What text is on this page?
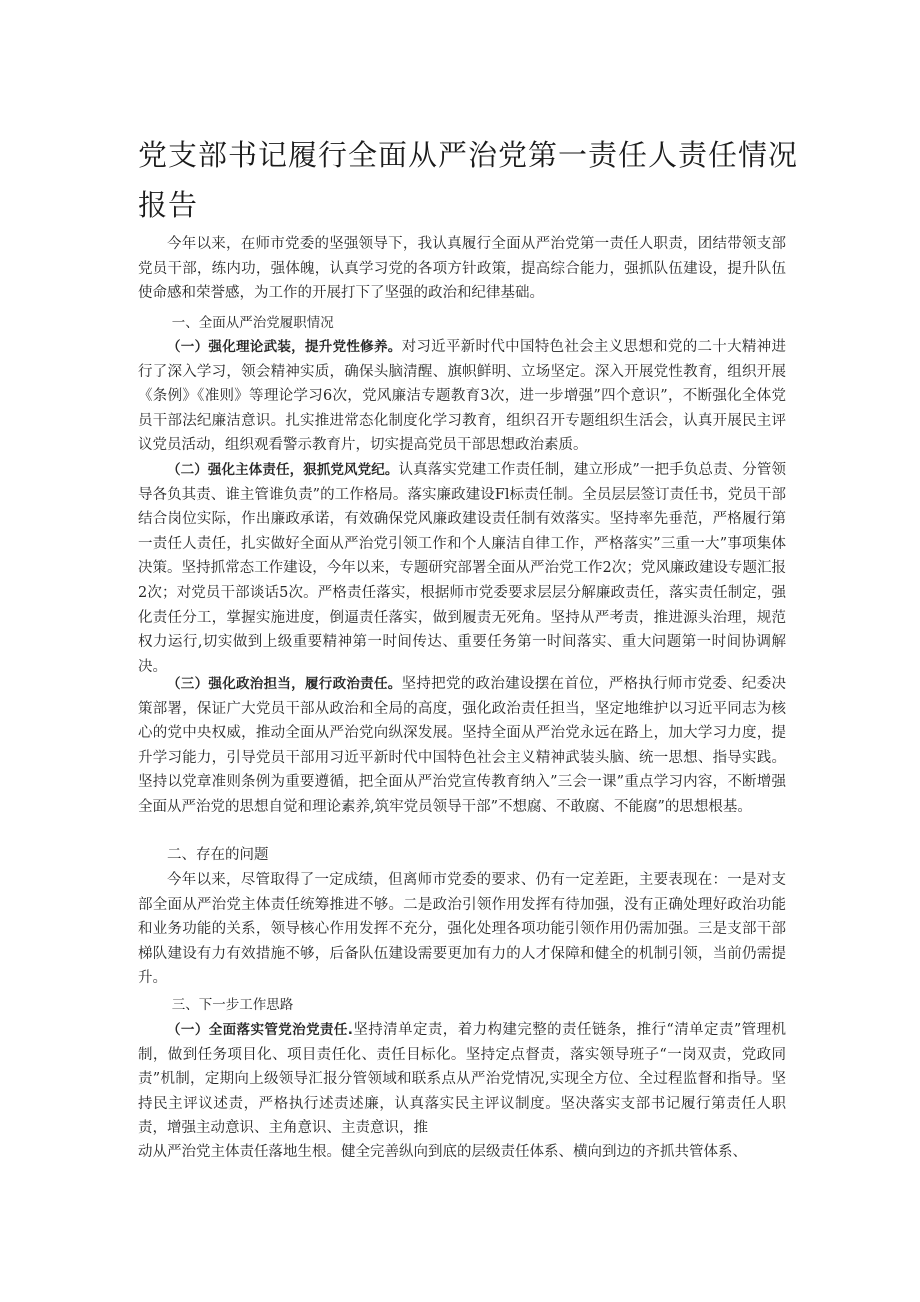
党支部书记履行全面从严治党第一责任人责任情况报告

今年以来，在师市党委的坚强领导下，我认真履行全面从严治党第一责任人职责，团结带领支部党员干部，练内功，强体魄，认真学习党的各项方针政策，提高综合能力，强抓队伍建设，提升队伍使命感和荣誉感，为工作的开展打下了坚强的政治和纪律基础。

一、全面从严治党履职情况

（一）强化理论武装，提升党性修养。对习近平新时代中国特色社会主义思想和党的二十大精神进行了深入学习，领会精神实质，确保头脑清醒、旗帜鲜明、立场坚定。深入开展党性教育，组织开展《条例》《准则》等理论学习6次，党风廉洁专题教育3次，进一步增强”四个意识”，不断强化全体党员干部法纪廉洁意识。扎实推进常态化制度化学习教育，组织召开专题组织生活会，认真开展民主评议党员活动，组织观看警示教育片，切实提高党员干部思想政治素质。

（二）强化主体责任，狠抓党风党纪。认真落实党建工作责任制，建立形成”一把手负总责、分管领导各负其责、谁主管谁负责”的工作格局。落实廉政建设Fl标责任制。全员层层签订责任书，党员干部结合岗位实际，作出廉政承诺，有效确保党风廉政建设责任制有效落实。坚持率先垂范，严格履行第一责任人责任，扎实做好全面从严治党引领工作和个人廉洁自律工作，严格落实”三重一大”事项集体决策。坚持抓常态工作建设，今年以来，专题研究部署全面从严治党工作2次；党风廉政建设专题汇报2次；对党员干部谈话5次。严格责任落实，根据师市党委要求层层分解廉政责任，落实责任制定，强化责任分工，掌握实施进度，倒逼责任落实，做到履责无死角。坚持从严考责，推进源头治理，规范权力运行,切实做到上级重要精神第一时间传达、重要任务第一时间落实、重大问题第一时间协调解决。

（三）强化政治担当，履行政治责任。坚持把党的政治建设摆在首位，严格执行师市党委、纪委决策部署，保证广大党员干部从政治和全局的高度，强化政治责任担当，坚定地维护以习近平同志为核心的党中央权威，推动全面从严治党向纵深发展。坚持全面从严治党永远在路上，加大学习力度，提升学习能力，引导党员干部用习近平新时代中国特色社会主义精神武装头脑、统一思想、指导实践。坚持以党章准则条例为重要遵循，把全面从严治党宣传教育纳入”三会一课”重点学习内容，不断增强全面从严治党的思想自觉和理论素养,筑牢党员领导干部”不想腐、不敢腐、不能腐”的思想根基。

二、存在的问题

今年以来，尽管取得了一定成绩，但离师市党委的要求、仍有一定差距，主要表现在：一是对支部全面从严治党主体责任统筹推进不够。二是政治引领作用发挥有待加强，没有正确处理好政治功能和业务功能的关系，领导核心作用发挥不充分，强化处理各项功能引领作用仍需加强。三是支部干部梯队建设有力有效措施不够，后备队伍建设需要更加有力的人才保障和健全的机制引领，当前仍需提升。

三、下一步工作思路

（一）全面落实管党治党责任.坚持清单定责，着力构建完整的责任链条，推行“清单定责”管理机制，做到任务项目化、项目责任化、责任目标化。坚持定点督责，落实领导班子“一岗双责，党政同责”机制，定期向上级领导汇报分管领域和联系点从严治党情况,实现全方位、全过程监督和指导。坚持民主评议述责，严格执行述责述廉，认真落实民主评议制度。坚决落实支部书记履行第责任人职责，增强主动意识、主角意识、主责意识，推

动从严治党主体责任落地生根。健全完善纵向到底的层级责任体系、横向到边的齐抓共管体系、
